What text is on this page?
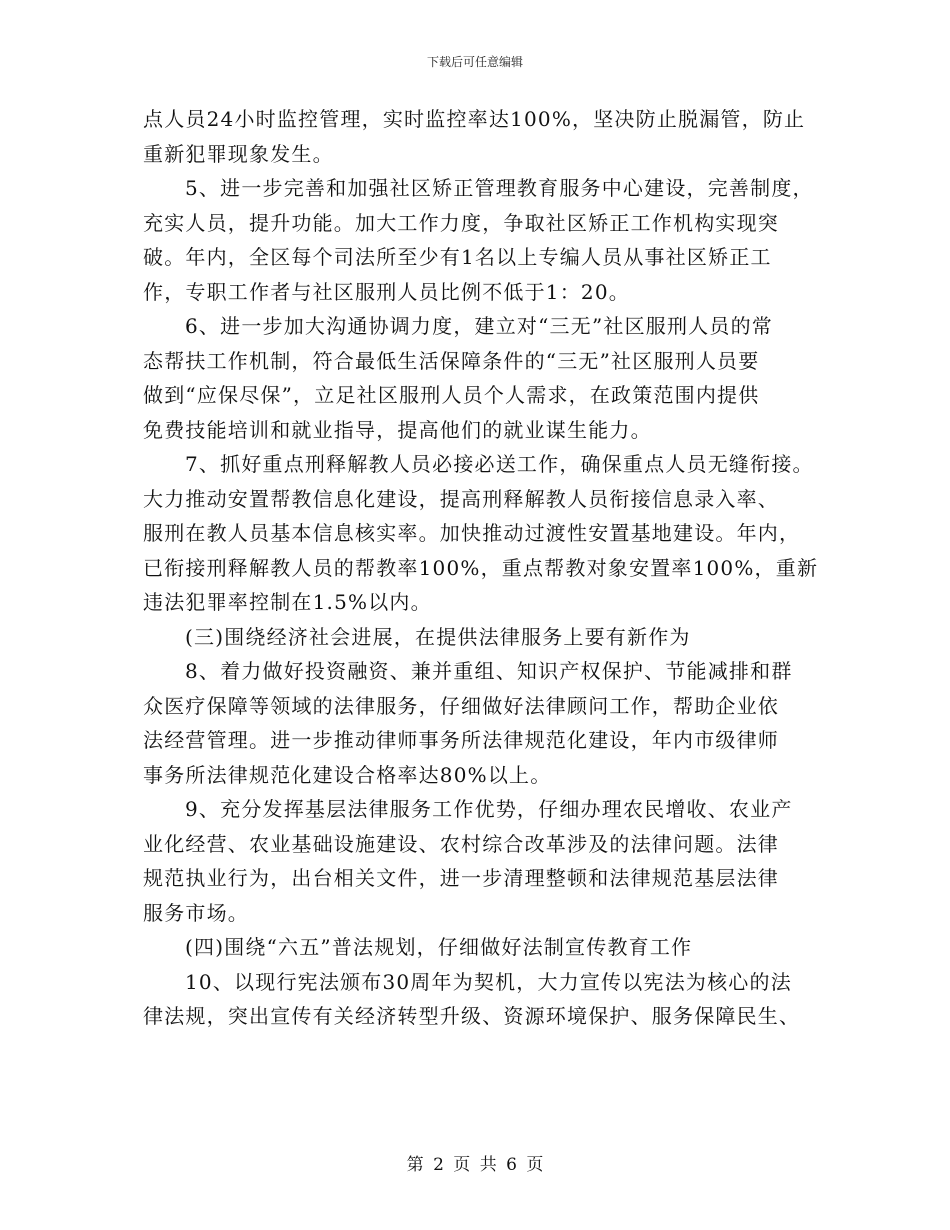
下载后可任意编辑
点人员24小时监控管理，实时监控率达100%，坚决防止脱漏管，防止
重新犯罪现象发生。
5、进一步完善和加强社区矫正管理教育服务中心建设，完善制度，
充实人员，提升功能。加大工作力度，争取社区矫正工作机构实现突
破。年内，全区每个司法所至少有1名以上专编人员从事社区矫正工
作，专职工作者与社区服刑人员比例不低于1：20。
6、进一步加大沟通协调力度，建立对“三无”社区服刑人员的常
态帮扶工作机制，符合最低生活保障条件的“三无”社区服刑人员要
做到“应保尽保”，立足社区服刑人员个人需求，在政策范围内提供
免费技能培训和就业指导，提高他们的就业谋生能力。
7、抓好重点刑释解教人员必接必送工作，确保重点人员无缝衔接。
大力推动安置帮教信息化建设，提高刑释解教人员衔接信息录入率、
服刑在教人员基本信息核实率。加快推动过渡性安置基地建设。年内，
已衔接刑释解教人员的帮教率100%，重点帮教对象安置率100%，重新
违法犯罪率控制在1.5%以内。
(三)围绕经济社会进展，在提供法律服务上要有新作为
8、着力做好投资融资、兼并重组、知识产权保护、节能减排和群
众医疗保障等领域的法律服务，仔细做好法律顾问工作，帮助企业依
法经营管理。进一步推动律师事务所法律规范化建设，年内市级律师
事务所法律规范化建设合格率达80%以上。
9、充分发挥基层法律服务工作优势，仔细办理农民增收、农业产
业化经营、农业基础设施建设、农村综合改革涉及的法律问题。法律
规范执业行为，出台相关文件，进一步清理整顿和法律规范基层法律
服务市场。
(四)围绕“六五”普法规划，仔细做好法制宣传教育工作
10、以现行宪法颁布30周年为契机，大力宣传以宪法为核心的法
律法规，突出宣传有关经济转型升级、资源环境保护、服务保障民生、
第 2 页 共 6 页
